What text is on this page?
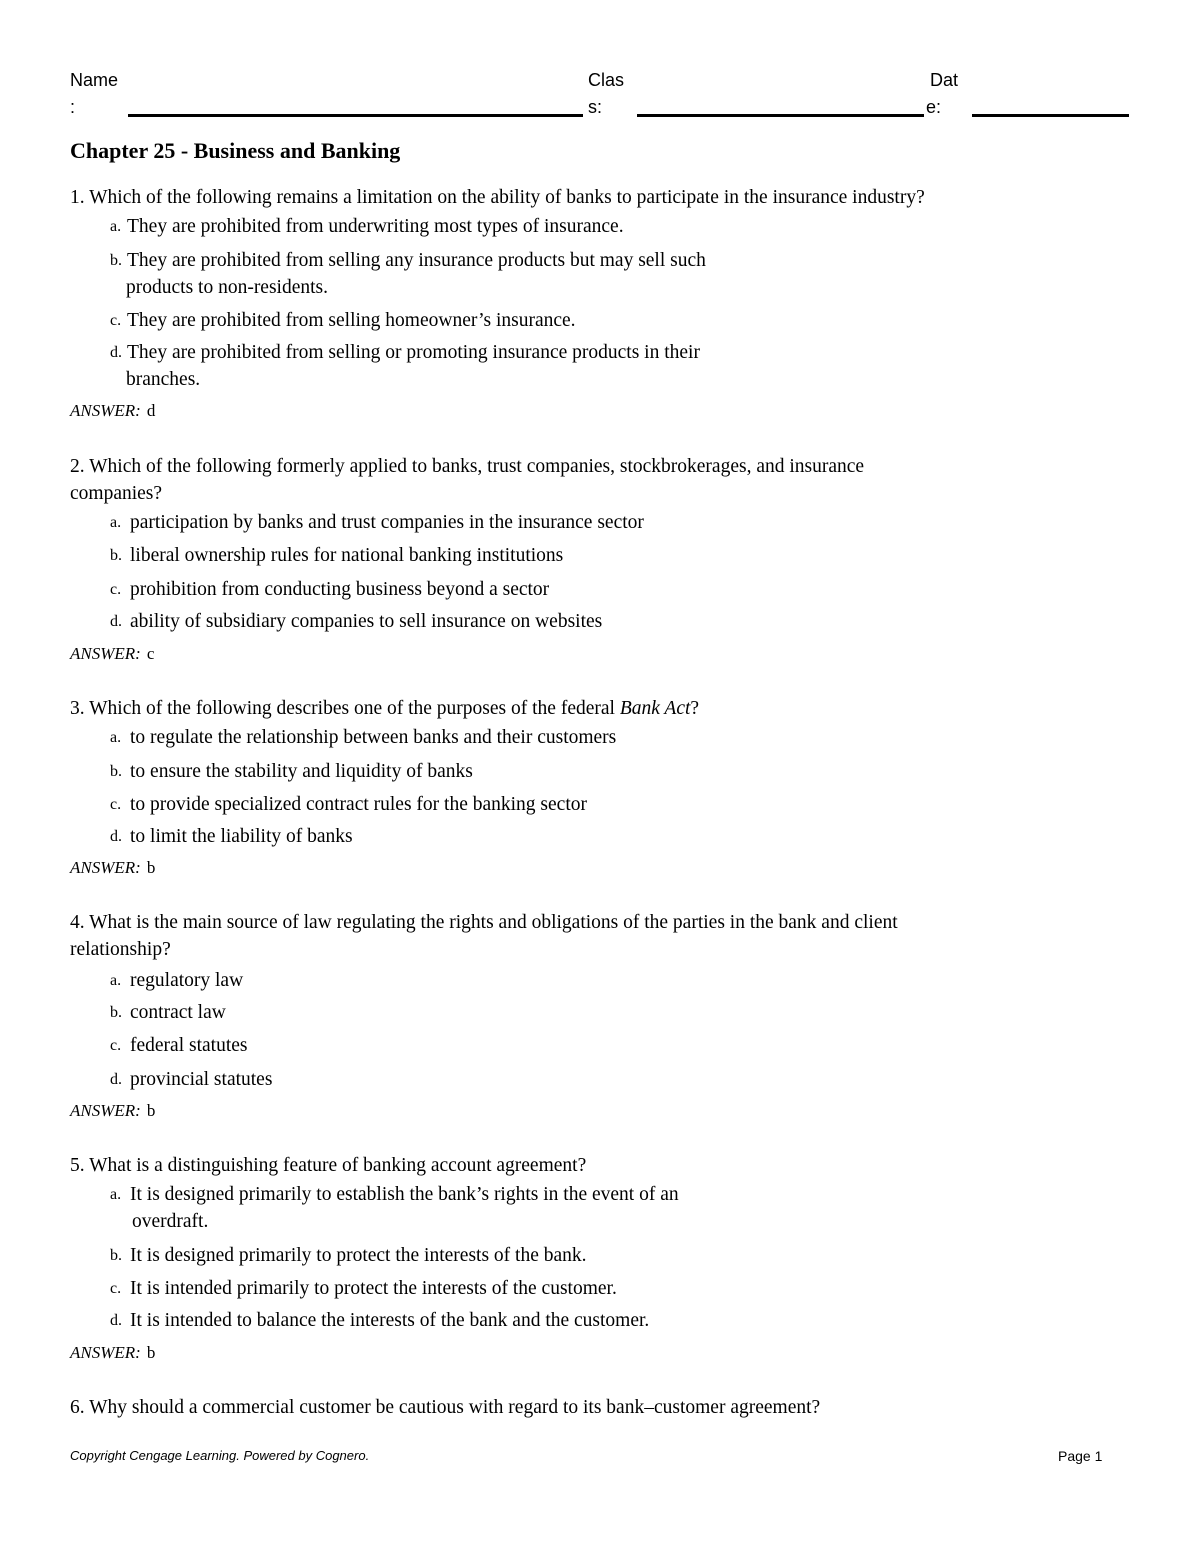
Name
:
Clas
s:
Dat
e:
Chapter 25 - Business and Banking
1. Which of the following remains a limitation on the ability of banks to participate in the insurance industry?
a. They are prohibited from underwriting most types of insurance.
b. They are prohibited from selling any insurance products but may sell such
products to non-residents.
c. They are prohibited from selling homeowner’s insurance.
d. They are prohibited from selling or promoting insurance products in their
branches.
ANSWER: d
2. Which of the following formerly applied to banks, trust companies, stockbrokerages, and insurance
companies?
a. participation by banks and trust companies in the insurance sector
b. liberal ownership rules for national banking institutions
c. prohibition from conducting business beyond a sector
d. ability of subsidiary companies to sell insurance on websites
ANSWER: c
3. Which of the following describes one of the purposes of the federal Bank Act?
a. to regulate the relationship between banks and their customers
b. to ensure the stability and liquidity of banks
c. to provide specialized contract rules for the banking sector
d. to limit the liability of banks
ANSWER: b
4. What is the main source of law regulating the rights and obligations of the parties in the bank and client
relationship?
a. regulatory law
b. contract law
c. federal statutes
d. provincial statutes
ANSWER: b
5. What is a distinguishing feature of banking account agreement?
a. It is designed primarily to establish the bank’s rights in the event of an
overdraft.
b. It is designed primarily to protect the interests of the bank.
c. It is intended primarily to protect the interests of the customer.
d. It is intended to balance the interests of the bank and the customer.
ANSWER: b
6. Why should a commercial customer be cautious with regard to its bank–customer agreement?
Copyright Cengage Learning. Powered by Cognero.	Page 1
